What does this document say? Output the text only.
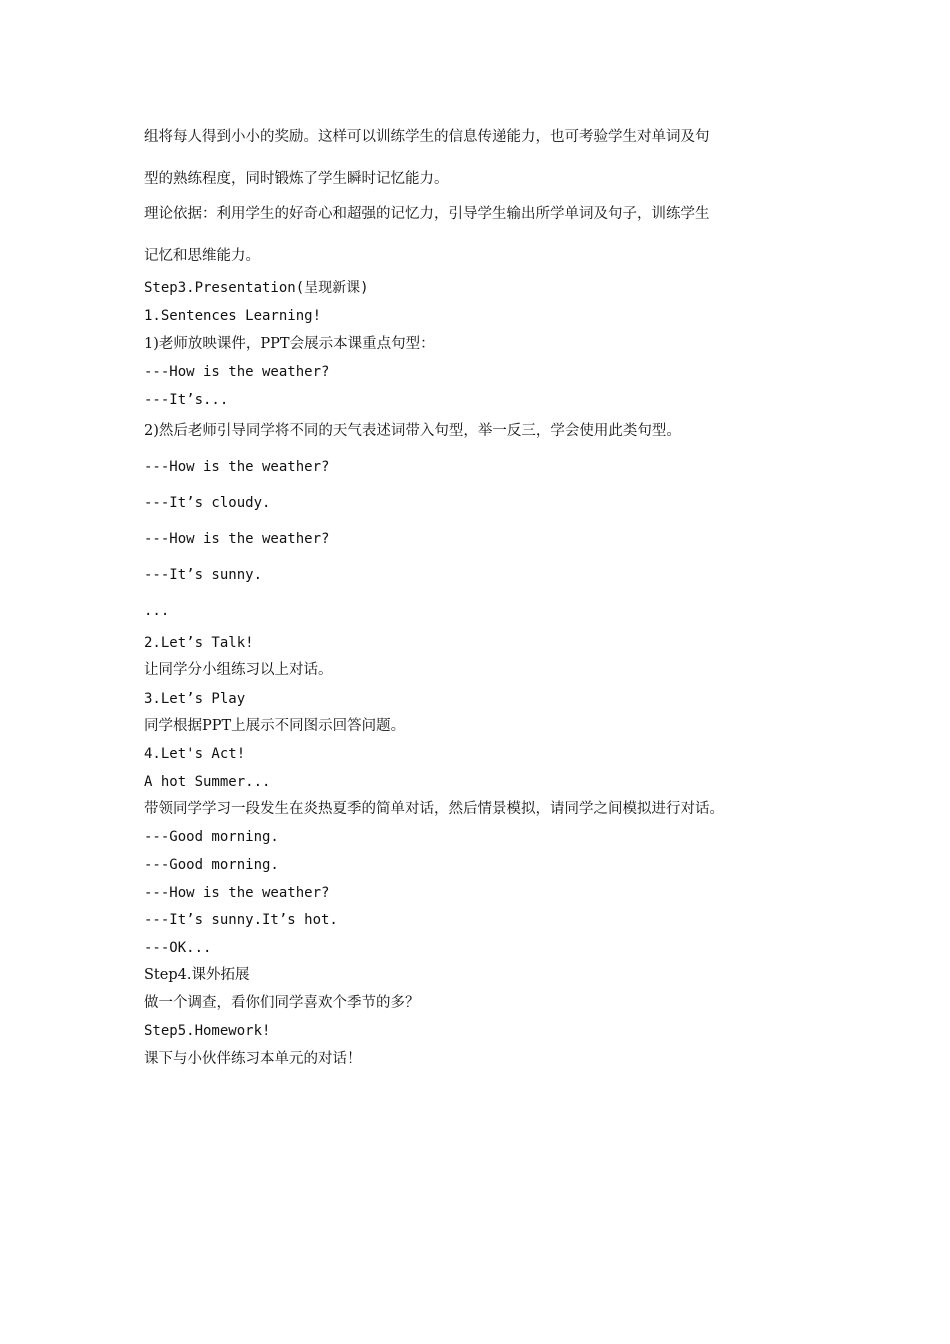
组将每人得到小小的奖励。这样可以训练学生的信息传递能力，也可考验学生对单词及句
型的熟练程度，同时锻炼了学生瞬时记忆能力。
理论依据：利用学生的好奇心和超强的记忆力，引导学生输出所学单词及句子，训练学生
记忆和思维能力。
Step3.Presentation(呈现新课)
1.Sentences Learning!
1)老师放映课件，PPT会展示本课重点句型：
---How is the weather?
---It’s...
2)然后老师引导同学将不同的天气表述词带入句型，举一反三，学会使用此类句型。
---How is the weather?
---It’s cloudy.
---How is the weather?
---It’s sunny.
...
2.Let’s Talk!
让同学分小组练习以上对话。
3.Let’s Play
同学根据PPT上展示不同图示回答问题。
4.Let's Act!
A hot Summer...
带领同学学习一段发生在炎热夏季的简单对话，然后情景模拟，请同学之间模拟进行对话。
---Good morning.
---Good morning.
---How is the weather?
---It’s sunny.It’s hot.
---OK...
Step4.课外拓展
做一个调查，看你们同学喜欢个季节的多？
Step5.Homework!
课下与小伙伴练习本单元的对话！
